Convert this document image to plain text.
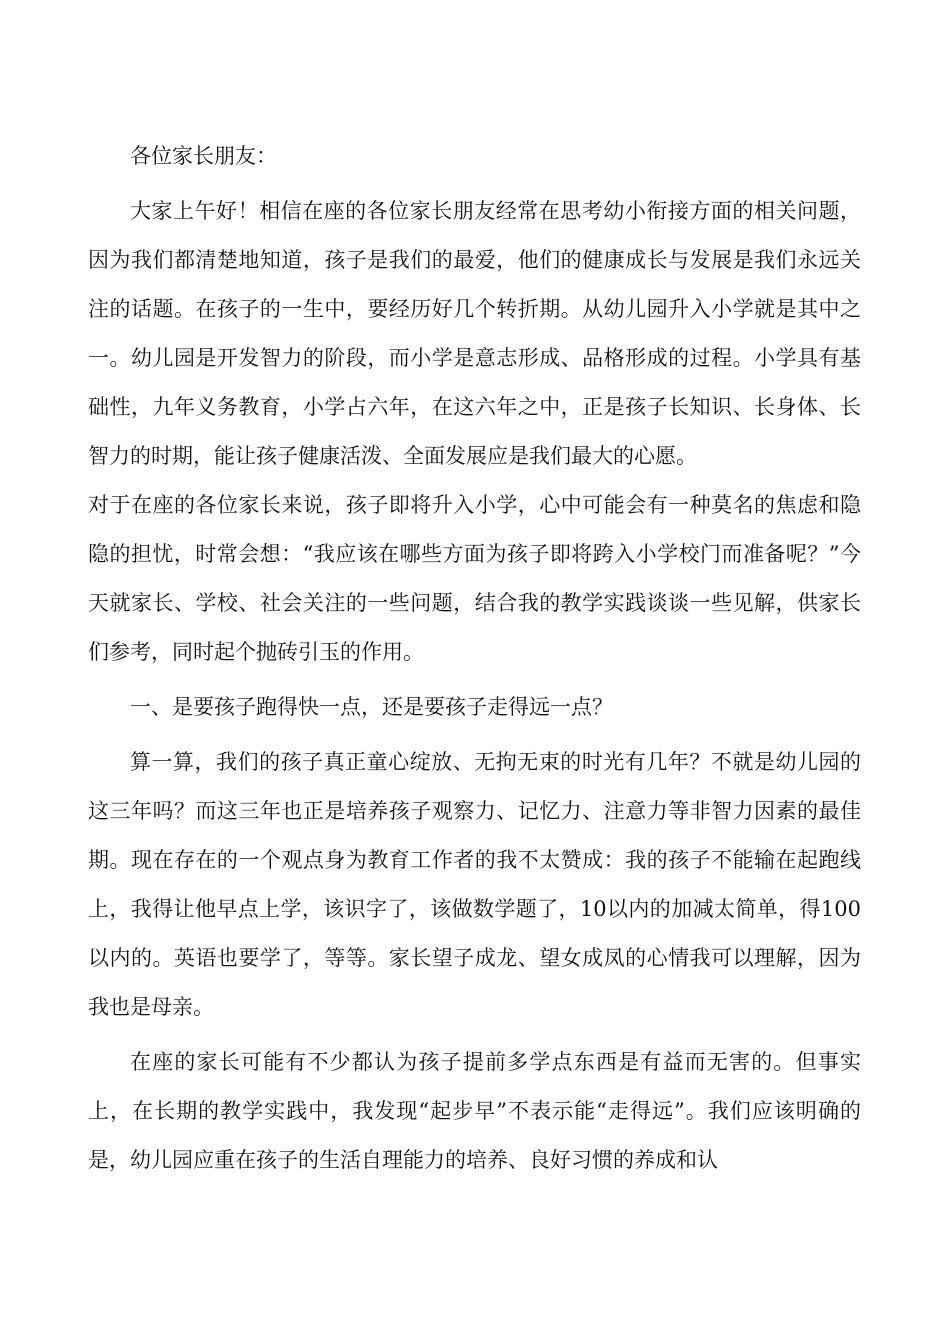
各位家长朋友：

大家上午好！相信在座的各位家长朋友经常在思考幼小衔接方面的相关问题，因为我们都清楚地知道，孩子是我们的最爱，他们的健康成长与发展是我们永远关注的话题。在孩子的一生中，要经历好几个转折期。从幼儿园升入小学就是其中之一。幼儿园是开发智力的阶段，而小学是意志形成、品格形成的过程。小学具有基础性，九年义务教育，小学占六年，在这六年之中，正是孩子长知识、长身体、长智力的时期，能让孩子健康活泼、全面发展应是我们最大的心愿。

对于在座的各位家长来说，孩子即将升入小学，心中可能会有一种莫名的焦虑和隐隐的担忧，时常会想：“我应该在哪些方面为孩子即将跨入小学校门而准备呢？”今天就家长、学校、社会关注的一些问题，结合我的教学实践谈谈一些见解，供家长们参考，同时起个抛砖引玉的作用。

一、是要孩子跑得快一点，还是要孩子走得远一点？

算一算，我们的孩子真正童心绽放、无拘无束的时光有几年？不就是幼儿园的这三年吗？而这三年也正是培养孩子观察力、记忆力、注意力等非智力因素的最佳期。现在存在的一个观点身为教育工作者的我不太赞成：我的孩子不能输在起跑线上，我得让他早点上学，该识字了，该做数学题了，10以内的加减太简单，得100以内的。英语也要学了，等等。家长望子成龙、望女成凤的心情我可以理解，因为我也是母亲。

在座的家长可能有不少都认为孩子提前多学点东西是有益而无害的。但事实上，在长期的教学实践中，我发现“起步早”不表示能“走得远”。我们应该明确的是，幼儿园应重在孩子的生活自理能力的培养、良好习惯的养成和认
